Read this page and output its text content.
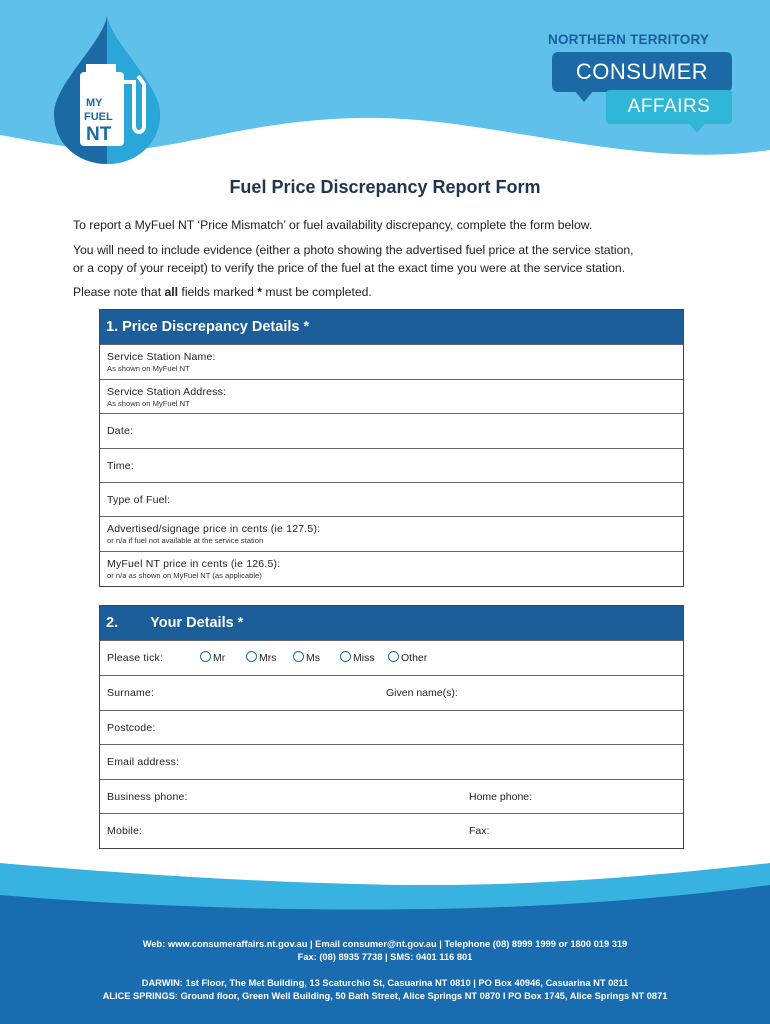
MY
FUEL
NT
NORTHERN TERRITORY
CONSUMER
AFFAIRS
Fuel Price Discrepancy Report Form
To report a MyFuel NT ‘Price Mismatch’ or fuel availability discrepancy, complete the form below.
You will need to include evidence (either a photo showing the advertised fuel price at the service station,
or a copy of your receipt) to verify the price of the fuel at the exact time you were at the service station.
Please note that all fields marked * must be completed.
1. Price Discrepancy Details *
Service Station Name:
As shown on MyFuel NT
Service Station Address:
As shown on MyFuel NT
Date:
Time:
Type of Fuel:
Advertised/signage price in cents (ie 127.5):
or n/a if fuel not available at the service station
MyFuel NT price in cents (ie 126.5):
or n/a as shown on MyFuel NT (as applicable)
2. Your Details *
Please tick:	Mr	Mrs	Ms	Miss	Other
Surname:	Given name(s):
Postcode:
Email address:
Business phone:	Home phone:
Mobile:	Fax:
Web: www.consumeraffairs.nt.gov.au | Email consumer@nt.gov.au | Telephone (08) 8999 1999 or 1800 019 319
Fax: (08) 8935 7738 | SMS: 0401 116 801
DARWIN: 1st Floor, The Met Building, 13 Scaturchio St, Casuarina NT 0810 | PO Box 40946, Casuarina NT 0811
ALICE SPRINGS: Ground floor, Green Well Building, 50 Bath Street, Alice Springs NT 0870 I PO Box 1745, Alice Springs NT 0871
